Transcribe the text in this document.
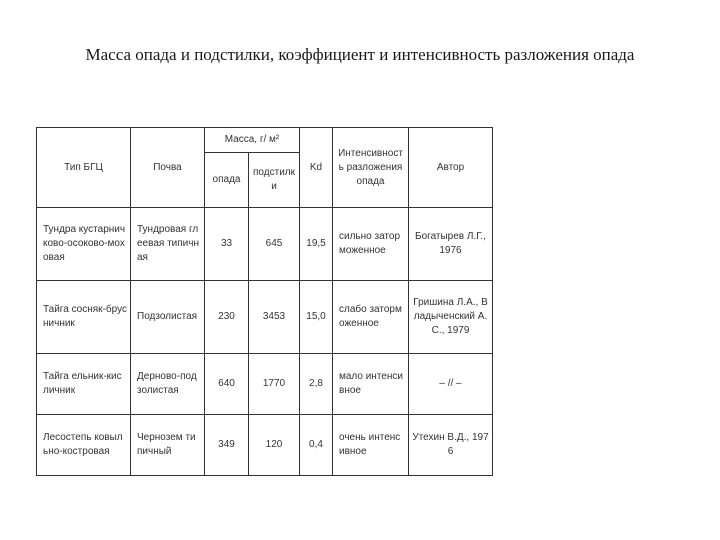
Масса опада и подстилки, коэффициент и интенсивность разложения опада
Тип БГЦ	Почва	Масса, г/ м²		Kd	Интенсивность разложения опада	Автор
		опада	подстилки			
Тундра кустарничково-осоково-моховая	Тундровая глеевая типичная	33	645	19,5	сильно заторможенное	Богатырев Л.Г., 1976
Тайга сосняк-брусничник	Подзолистая	230	3453	15,0	слабо заторможенное	Гришина Л.А., Владыченский А.С., 1979
Тайга ельник-кисличник	Дерново-подзолистая	640	1770	2,8	мало интенсивное	– // –
Лесостепь ковыльно-костровая	Чернозем типичный	349	120	0,4	очень интенсивное	Утехин В.Д., 1976
